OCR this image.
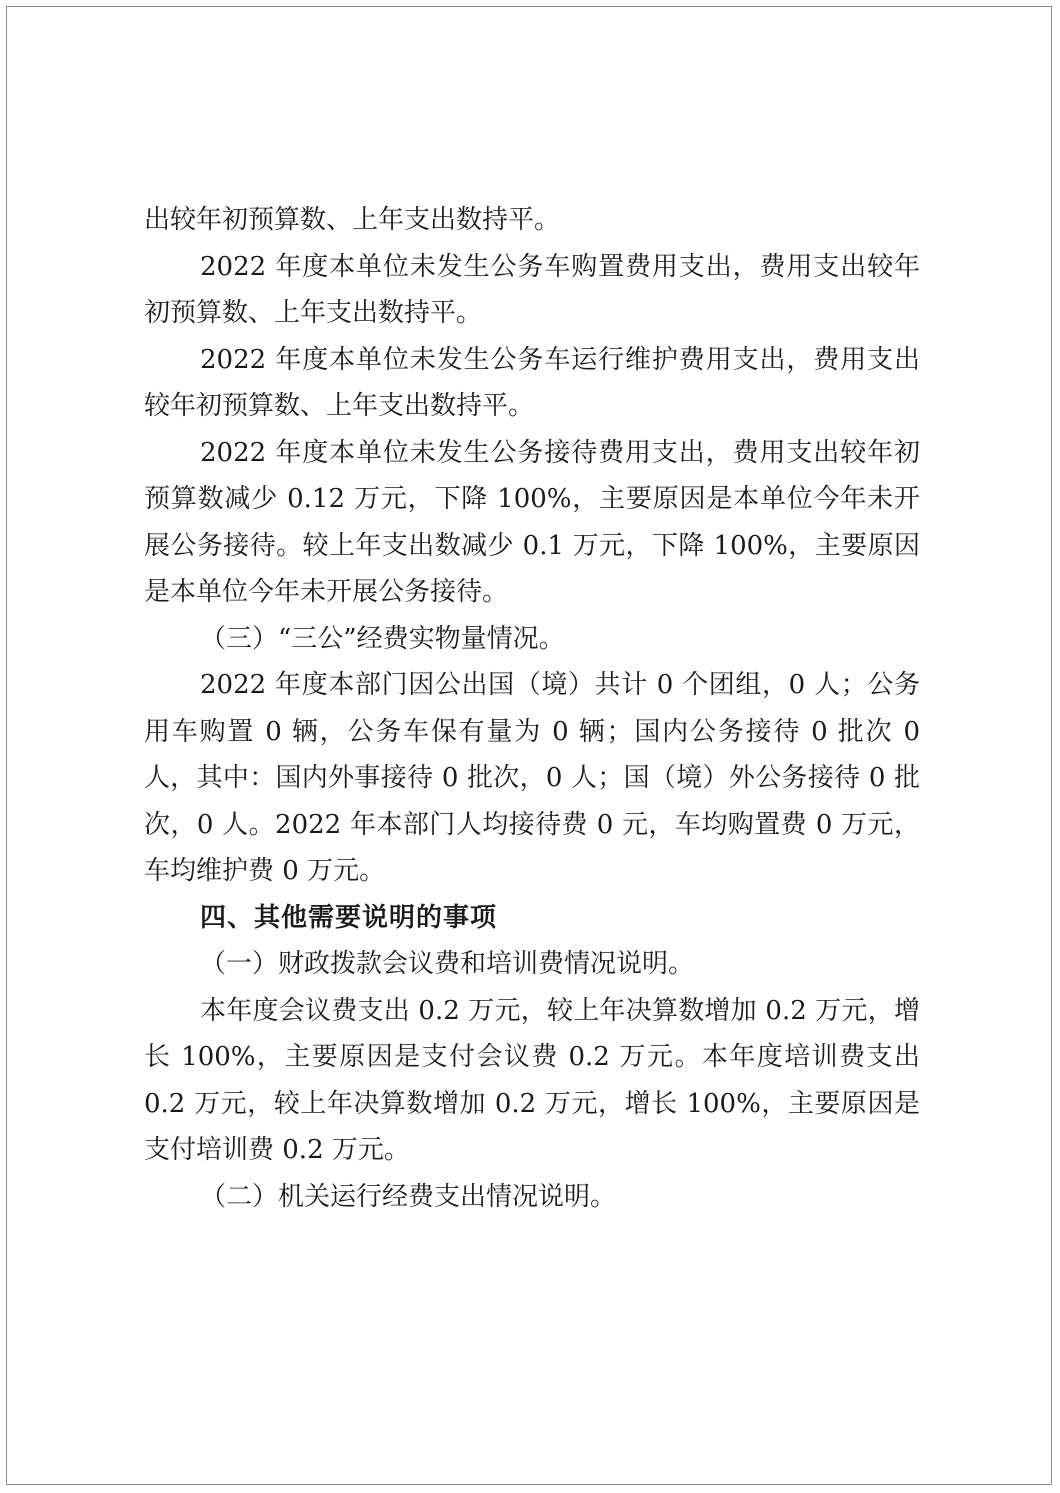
出较年初预算数、上年支出数持平。

2022 年度本单位未发生公务车购置费用支出，费用支出较年初预算数、上年支出数持平。

2022 年度本单位未发生公务车运行维护费用支出，费用支出较年初预算数、上年支出数持平。

2022 年度本单位未发生公务接待费用支出，费用支出较年初预算数减少 0.12 万元，下降 100%，主要原因是本单位今年未开展公务接待。较上年支出数减少 0.1 万元，下降 100%，主要原因是本单位今年未开展公务接待。

（三）“三公”经费实物量情况。

2022 年度本部门因公出国（境）共计 0 个团组，0 人；公务用车购置 0 辆，公务车保有量为 0 辆；国内公务接待 0 批次 0 人，其中：国内外事接待 0 批次，0 人；国（境）外公务接待 0 批次，0 人。2022 年本部门人均接待费 0 元，车均购置费 0 万元，车均维护费 0 万元。

四、其他需要说明的事项

（一）财政拨款会议费和培训费情况说明。

本年度会议费支出 0.2 万元，较上年决算数增加 0.2 万元，增长 100%，主要原因是支付会议费 0.2 万元。本年度培训费支出 0.2 万元，较上年决算数增加 0.2 万元，增长 100%，主要原因是支付培训费 0.2 万元。

（二）机关运行经费支出情况说明。
